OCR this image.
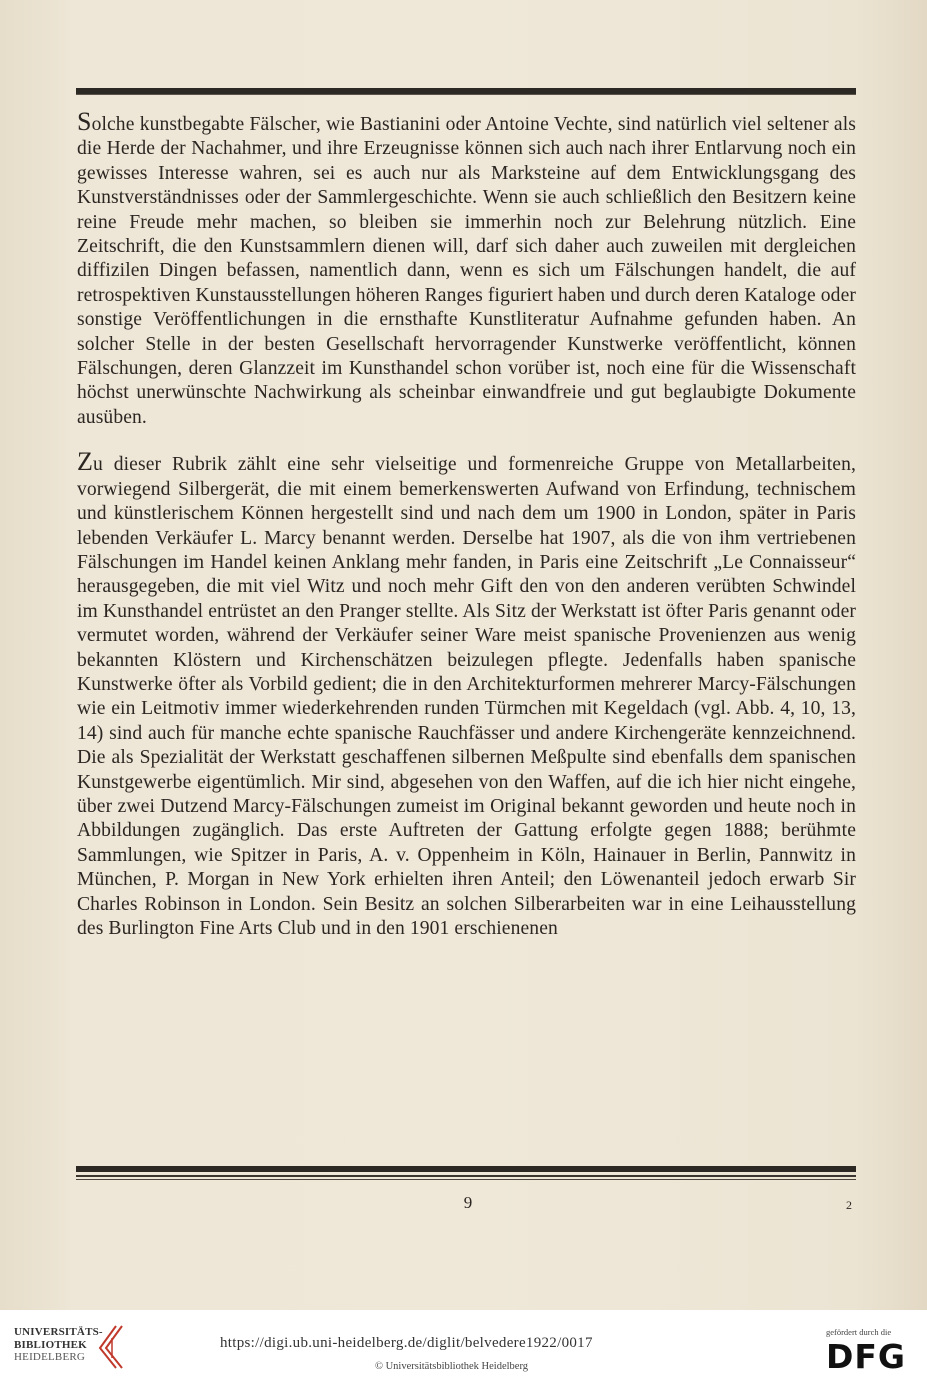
Solche kunstbegabte Fälscher, wie Bastianini oder Antoine Vechte, sind natürlich viel seltener als die Herde der Nachahmer, und ihre Erzeugnisse können sich auch nach ihrer Entlarvung noch ein gewisses Interesse wahren, sei es auch nur als Marksteine auf dem Entwicklungsgang des Kunstverständnisses oder der Sammlergeschichte. Wenn sie auch schließlich den Besitzern keine reine Freude mehr machen, so bleiben sie immerhin noch zur Belehrung nützlich. Eine Zeitschrift, die den Kunstsammlern dienen will, darf sich daher auch zuweilen mit dergleichen diffizilen Dingen befassen, namentlich dann, wenn es sich um Fälschungen handelt, die auf retrospektiven Kunstausstellungen höheren Ranges figuriert haben und durch deren Kataloge oder sonstige Veröffentlichungen in die ernsthafte Kunstliteratur Aufnahme gefunden haben. An solcher Stelle in der besten Gesellschaft hervorragender Kunstwerke veröffentlicht, können Fälschungen, deren Glanzzeit im Kunsthandel schon vorüber ist, noch eine für die Wissenschaft höchst unerwünschte Nachwirkung als scheinbar einwandfreie und gut beglaubigte Dokumente ausüben.

Zu dieser Rubrik zählt eine sehr vielseitige und formenreiche Gruppe von Metallarbeiten, vorwiegend Silbergerät, die mit einem bemerkenswerten Aufwand von Erfindung, technischem und künstlerischem Können hergestellt sind und nach dem um 1900 in London, später in Paris lebenden Verkäufer L. Marcy benannt werden. Derselbe hat 1907, als die von ihm vertriebenen Fälschungen im Handel keinen Anklang mehr fanden, in Paris eine Zeitschrift „Le Connaisseur“ herausgegeben, die mit viel Witz und noch mehr Gift den von den anderen verübten Schwindel im Kunsthandel entrüstet an den Pranger stellte. Als Sitz der Werkstatt ist öfter Paris genannt oder vermutet worden, während der Verkäufer seiner Ware meist spanische Provenienzen aus wenig bekannten Klöstern und Kirchenschätzen beizulegen pflegte. Jedenfalls haben spanische Kunstwerke öfter als Vorbild gedient; die in den Architekturformen mehrerer Marcy-Fälschungen wie ein Leitmotiv immer wiederkehrenden runden Türmchen mit Kegeldach (vgl. Abb. 4, 10, 13, 14) sind auch für manche echte spanische Rauchfässer und andere Kirchengeräte kennzeichnend. Die als Spezialität der Werkstatt geschaffenen silbernen Meßpulte sind ebenfalls dem spanischen Kunstgewerbe eigentümlich. Mir sind, abgesehen von den Waffen, auf die ich hier nicht eingehe, über zwei Dutzend Marcy-Fälschungen zumeist im Original bekannt geworden und heute noch in Abbildungen zugänglich. Das erste Auftreten der Gattung erfolgte gegen 1888; berühmte Sammlungen, wie Spitzer in Paris, A. v. Oppenheim in Köln, Hainauer in Berlin, Pannwitz in München, P. Morgan in New York erhielten ihren Anteil; den Löwenanteil jedoch erwarb Sir Charles Robinson in London. Sein Besitz an solchen Silberarbeiten war in eine Leihausstellung des Burlington Fine Arts Club und in den 1901 erschienenen

9	2
UNIVERSITÄTS-
BIBLIOTHEK
HEIDELBERG
https://digi.ub.uni-heidelberg.de/diglit/belvedere1922/0017
© Universitätsbibliothek Heidelberg
gefördert durch die
DFG
